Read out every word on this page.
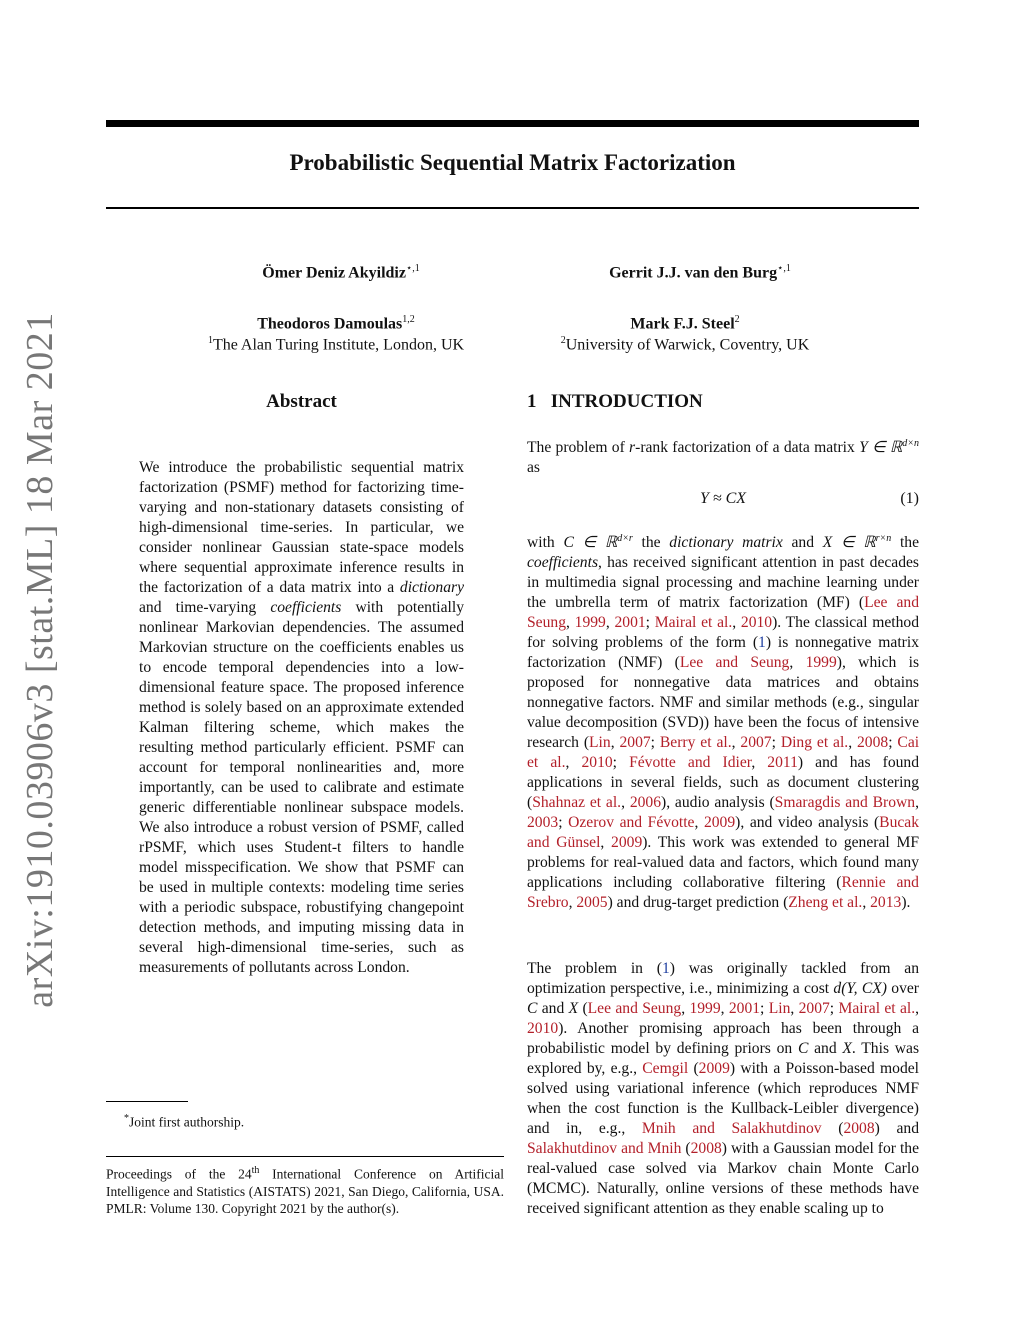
arXiv:1910.03906v3 [stat.ML] 18 Mar 2021
Probabilistic Sequential Matrix Factorization
Ömer Deniz Akyildiz$^{⋆,1}$	Gerrit J.J. van den Burg$^{⋆,1}$
Theodoros Damoulas$^{1,2}$	Mark F.J. Steel$^2$
$^1$The Alan Turing Institute, London, UK	$^2$University of Warwick, Coventry, UK
Abstract
We introduce the probabilistic sequential matrix factorization (PSMF) method for factorizing time-varying and non-stationary datasets consisting of high-dimensional time-series. In particular, we consider nonlinear Gaussian state-space models where sequential approximate inference results in the factorization of a data matrix into a dictionary and time-varying coefficients with potentially nonlinear Markovian dependencies. The assumed Markovian structure on the coefficients enables us to encode temporal dependencies into a low-dimensional feature space. The proposed inference method is solely based on an approximate extended Kalman filtering scheme, which makes the resulting method particularly efficient. PSMF can account for temporal nonlinearities and, more importantly, can be used to calibrate and estimate generic differentiable nonlinear subspace models. We also introduce a robust version of PSMF, called rPSMF, which uses Student-t filters to handle model misspecification. We show that PSMF can be used in multiple contexts: modeling time series with a periodic subspace, robustifying changepoint detection methods, and imputing missing data in several high-dimensional time-series, such as measurements of pollutants across London.
1 INTRODUCTION
The problem of r-rank factorization of a data matrix Y ∈ ℝ$^{d\times n}$ as
Y ≈ CX	(1)
with C ∈ ℝ$^{d\times r}$ the dictionary matrix and X ∈ ℝ$^{r\times n}$ the coefficients, has received significant attention in past decades in multimedia signal processing and machine learning under the umbrella term of matrix factorization (MF) (Lee and Seung, 1999, 2001; Mairal et al., 2010). The classical method for solving problems of the form (1) is nonnegative matrix factorization (NMF) (Lee and Seung, 1999), which is proposed for nonnegative data matrices and obtains nonnegative factors. NMF and similar methods (e.g., singular value decomposition (SVD)) have been the focus of intensive research (Lin, 2007; Berry et al., 2007; Ding et al., 2008; Cai et al., 2010; Févotte and Idier, 2011) and has found applications in several fields, such as document clustering (Shahnaz et al., 2006), audio analysis (Smaragdis and Brown, 2003; Ozerov and Févotte, 2009), and video analysis (Bucak and Günsel, 2009). This work was extended to general MF problems for real-valued data and factors, which found many applications including collaborative filtering (Rennie and Srebro, 2005) and drug-target prediction (Zheng et al., 2013).
The problem in (1) was originally tackled from an optimization perspective, i.e., minimizing a cost d(Y, CX) over C and X (Lee and Seung, 1999, 2001; Lin, 2007; Mairal et al., 2010). Another promising approach has been through a probabilistic model by defining priors on C and X. This was explored by, e.g., Cemgil (2009) with a Poisson-based model solved using variational inference (which reproduces NMF when the cost function is the Kullback-Leibler divergence) and in, e.g., Mnih and Salakhutdinov (2008) and Salakhutdinov and Mnih (2008) with a Gaussian model for the real-valued case solved via Markov chain Monte Carlo (MCMC). Naturally, online versions of these methods have received significant attention as they enable scaling up to
*Joint first authorship.
Proceedings of the 24th International Conference on Artificial Intelligence and Statistics (AISTATS) 2021, San Diego, California, USA. PMLR: Volume 130. Copyright 2021 by the author(s).
